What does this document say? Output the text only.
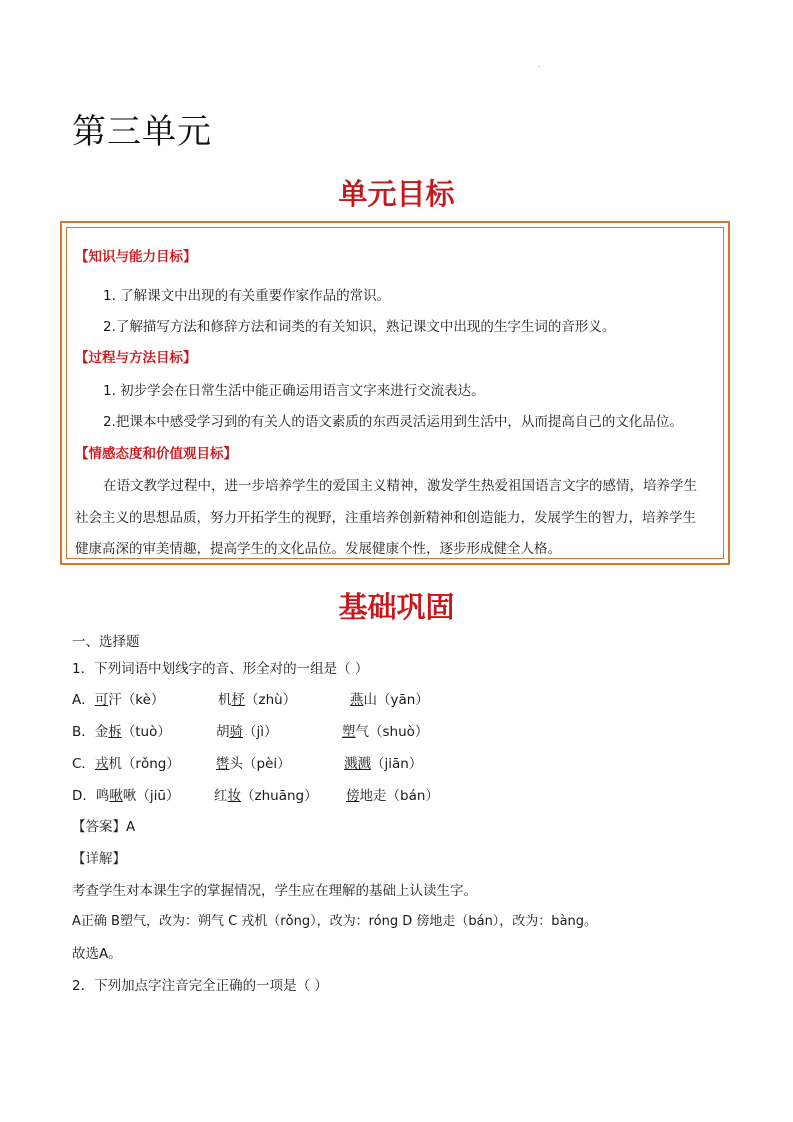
.
第三单元
单元目标
【知识与能力目标】
1. 了解课文中出现的有关重要作家作品的常识。
2.了解描写方法和修辞方法和词类的有关知识，熟记课文中出现的生字生词的音形义。
【过程与方法目标】
1. 初步学会在日常生活中能正确运用语言文字来进行交流表达。
2.把课本中感受学习到的有关人的语文素质的东西灵活运用到生活中，从而提高自己的文化品位。
【情感态度和价值观目标】
在语文教学过程中，进一步培养学生的爱国主义精神，激发学生热爱祖国语言文字的感情，培养学生
社会主义的思想品质，努力开拓学生的视野，注重培养创新精神和创造能力，发展学生的智力，培养学生
健康高深的审美情趣，提高学生的文化品位。发展健康个性，逐步形成健全人格。
基础巩固
一、选择题
1．下列词语中划线字的音、形全对的一组是（ ）
A．可汗（kè）	机杼（zhù）	燕山（yān）
B．金柝（tuò）	胡骑（jì）	塑气（shuò）
C．戎机（rǒng）	辔头（pèi）	溅溅（jiān）
D．鸣啾啾（jiū）	红妆（zhuāng） 傍地走（bán）
【答案】A
【详解】
考查学生对本课生字的掌握情况，学生应在理解的基础上认读生字。
A正确 B塑气，改为：朔气 C 戎机（rǒng），改为：róng D 傍地走（bán），改为：bàng。
故选A。
2．下列加点字注音完全正确的一项是（ ）
